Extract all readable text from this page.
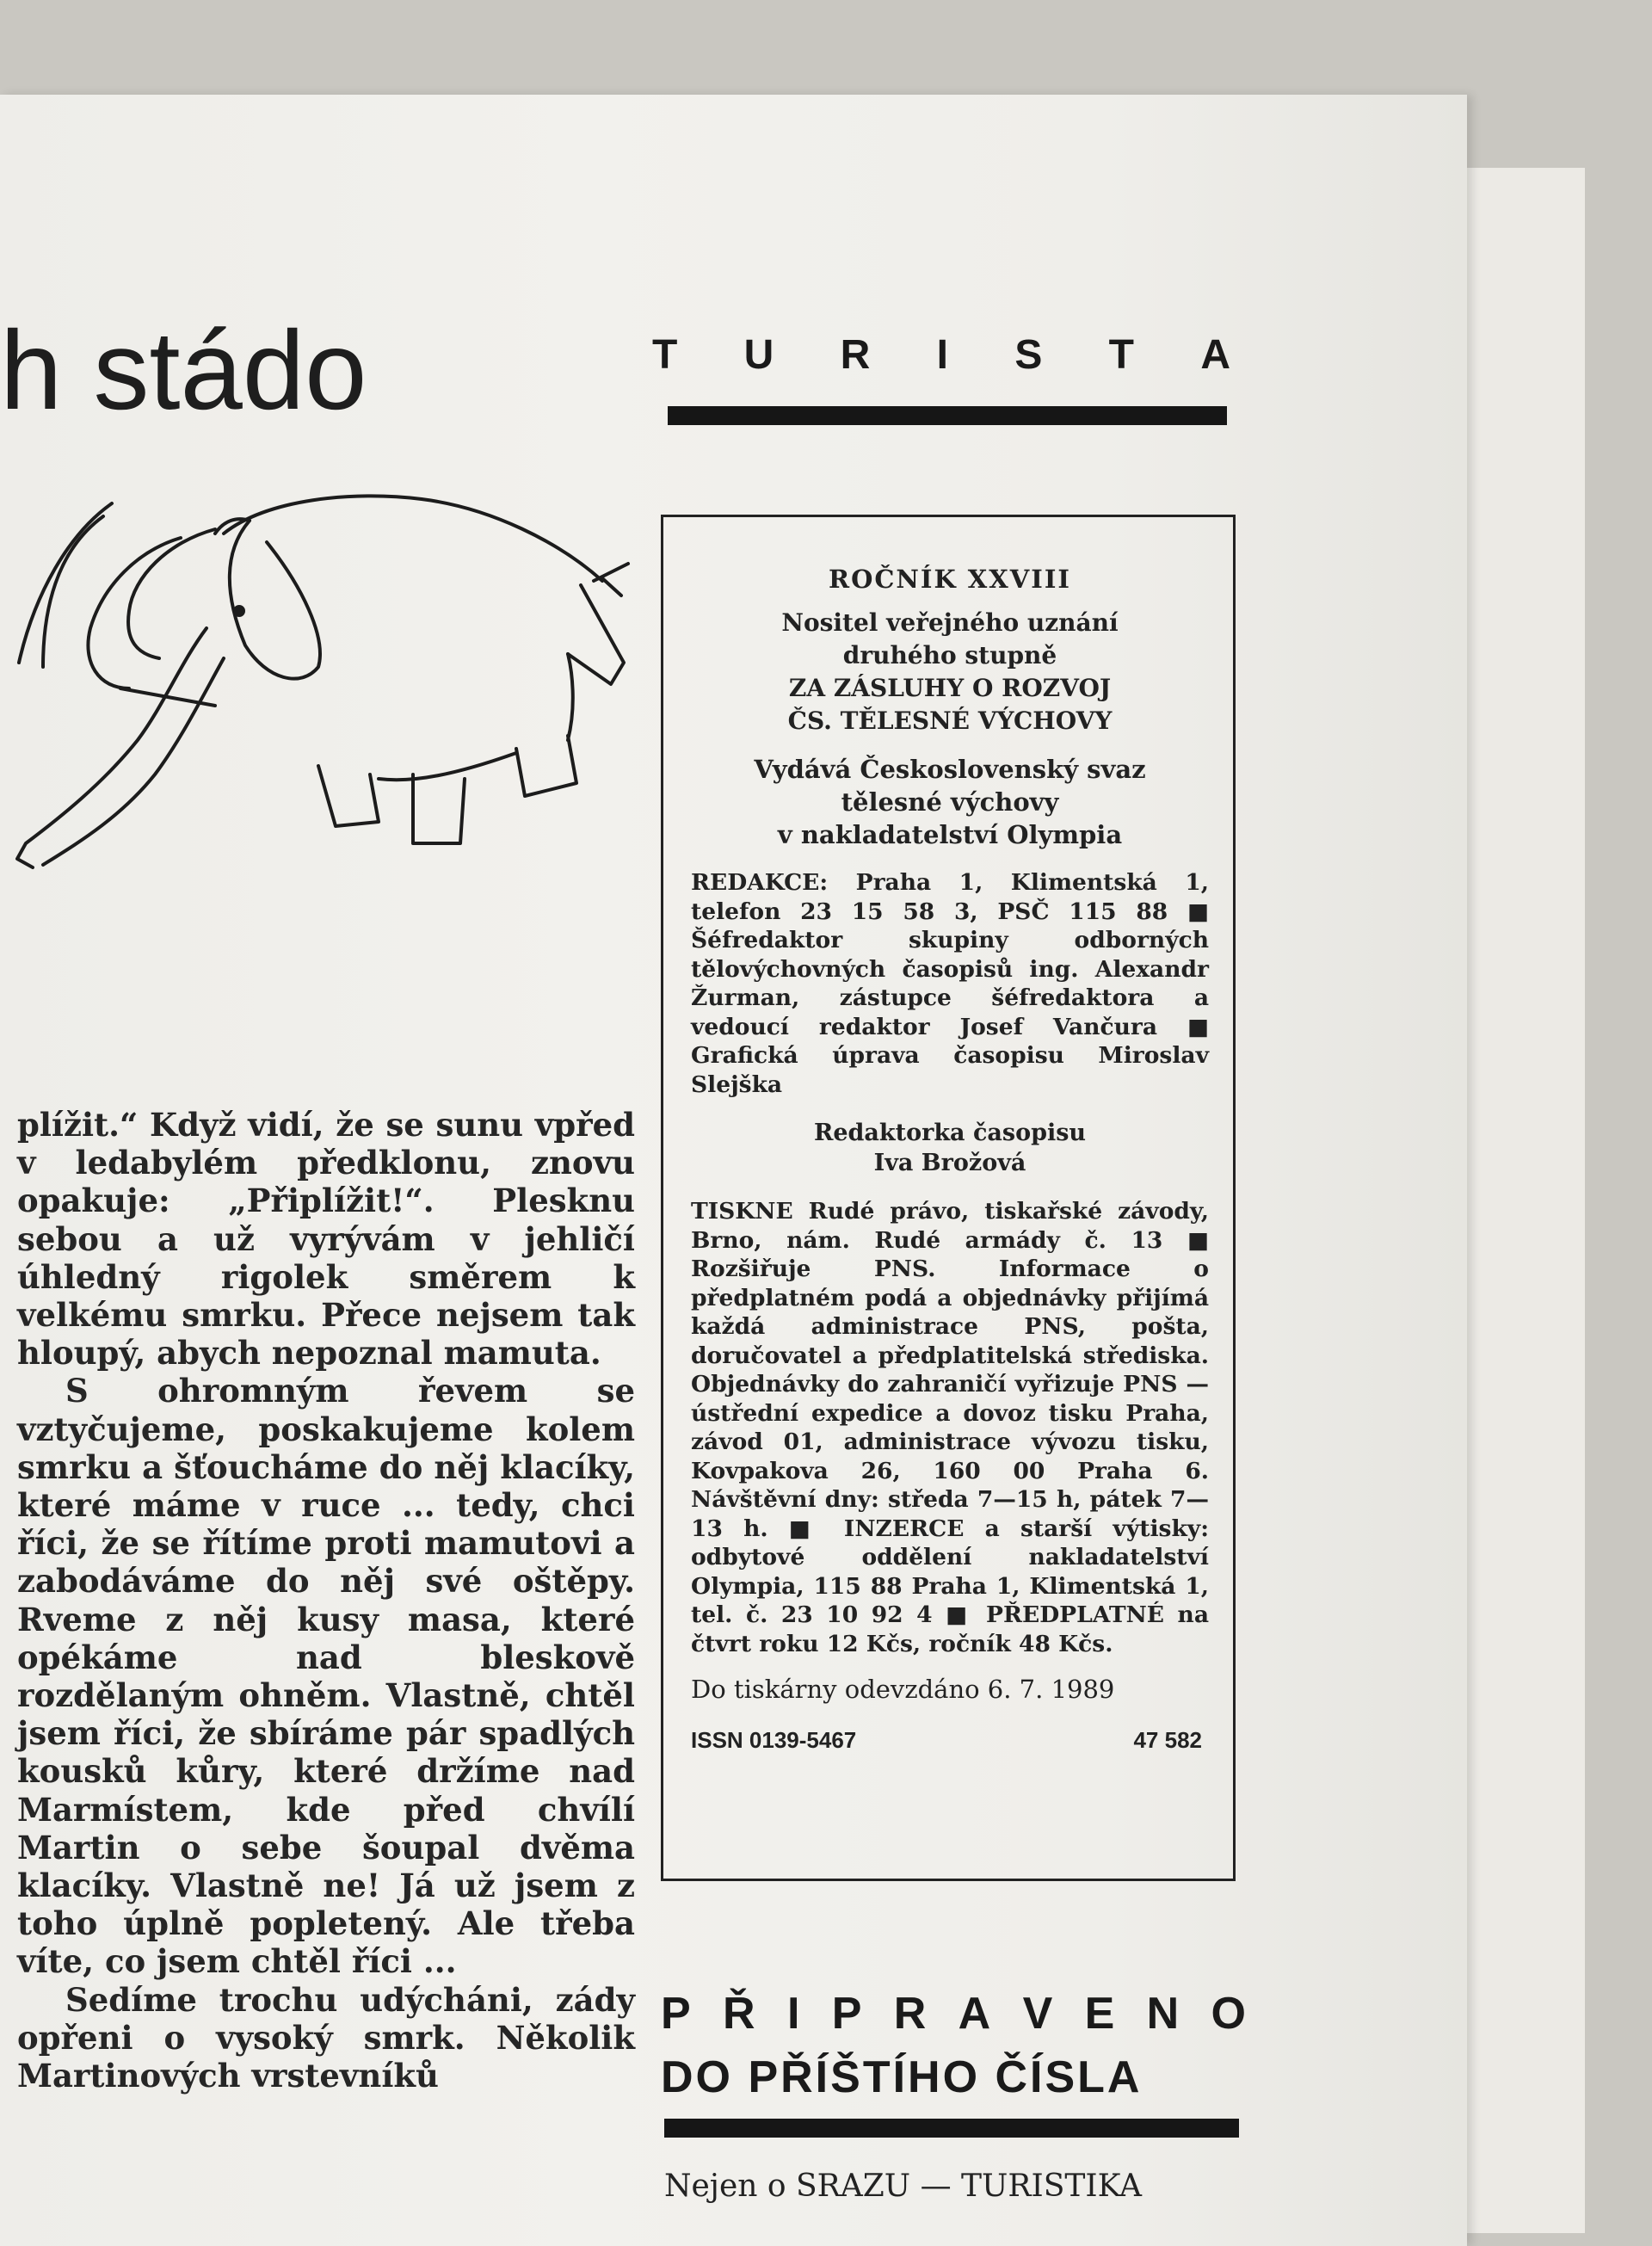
h stádo	T U R I S T A
ROČNÍK XXVIII
Nositel veřejného uznání
druhého stupně
ZA ZÁSLUHY O ROZVOJ
ČS. TĚLESNÉ VÝCHOVY
Vydává Československý svaz
tělesné výchovy
v nakladatelství Olympia
REDAKCE: Praha 1, Klimentská 1, telefon 23 15 58 3, PSČ 115 88 ■ Šéfredaktor skupiny odborných tělovýchovných časopisů ing. Alexandr Žurman, zástupce šéfredaktora a vedoucí redaktor Josef Vančura ■ Grafická úprava časopisu Miroslav Slejška
Redaktorka časopisu
Iva Brožová
TISKNE Rudé právo, tiskařské závody, Brno, nám. Rudé armády č. 13 ■ Rozšiřuje PNS. Informace o předplatném podá a objednávky přijímá každá administrace PNS, pošta, doručovatel a předplatitelská střediska. Objednávky do zahraničí vyřizuje PNS — ústřední expedice a dovoz tisku Praha, závod 01, administrace vývozu tisku, Kovpakova 26, 160 00 Praha 6. Návštěvní dny: středa 7—15 h, pátek 7—13 h. ■ INZERCE a starší výtisky: odbytové oddělení nakladatelství Olympia, 115 88 Praha 1, Klimentská 1, tel. č. 23 10 92 4 ■ PŘEDPLATNÉ na čtvrt roku 12 Kčs, ročník 48 Kčs.
Do tiskárny odevzdáno 6. 7. 1989
ISSN 0139-5467	47 582

plížit.“ Když vidí, že se sunu vpřed v ledabylém předklonu, znovu opakuje: „Připlížit!“. Plesknu sebou a už vyrývám v jehličí úhledný rigolek směrem k velkému smrku. Přece nejsem tak hloupý, abych nepoznal mamuta.

S ohromným řevem se vztyčujeme, poskakujeme kolem smrku a šťoucháme do něj klacíky, které máme v ruce ... tedy, chci říci, že se řítíme proti mamutovi a zabodáváme do něj své oštěpy. Rveme z něj kusy masa, které opékáme nad bleskově rozdělaným ohněm. Vlastně, chtěl jsem říci, že sbíráme pár spadlých kousků kůry, které držíme nad Marmístem, kde před chvílí Martin o sebe šoupal dvěma klacíky. Vlastně ne! Já už jsem z toho úplně popletený. Ale třeba víte, co jsem chtěl říci ...

Sedíme trochu udýcháni, zády opřeni o vysoký smrk. Několik Martinových vrstevníků

P Ř I P R A V E N O
DO PŘÍŠTÍHO ČÍSLA
Nejen o SRAZU — TURISTIKA
